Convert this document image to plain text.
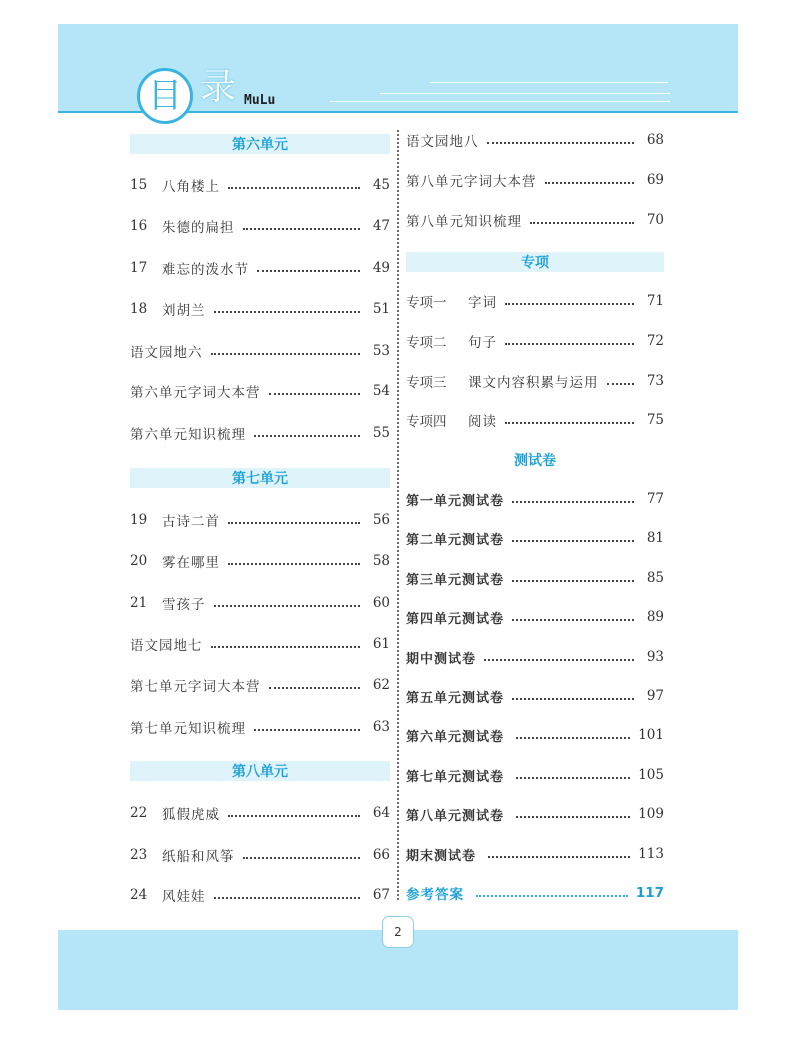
目 录 MuLu
第六单元
15	八角楼上	45
16	朱德的扁担	47
17	难忘的泼水节	49
18	刘胡兰	51
语文园地六	53
第六单元字词大本营	54
第六单元知识梳理	55
第七单元
19	古诗二首	56
20	雾在哪里	58
21	雪孩子	60
语文园地七	61
第七单元字词大本营	62
第七单元知识梳理	63
第八单元
22	狐假虎威	64
23	纸船和风筝	66
24	风娃娃	67
语文园地八	68
第八单元字词大本营	69
第八单元知识梳理	70
专项
专项一	字词	71
专项二	句子	72
专项三	课文内容积累与运用	73
专项四	阅读	75
测试卷
第一单元测试卷	77
第二单元测试卷	81
第三单元测试卷	85
第四单元测试卷	89
期中测试卷	93
第五单元测试卷	97
第六单元测试卷	101
第七单元测试卷	105
第八单元测试卷	109
期末测试卷	113
参考答案	117
2
